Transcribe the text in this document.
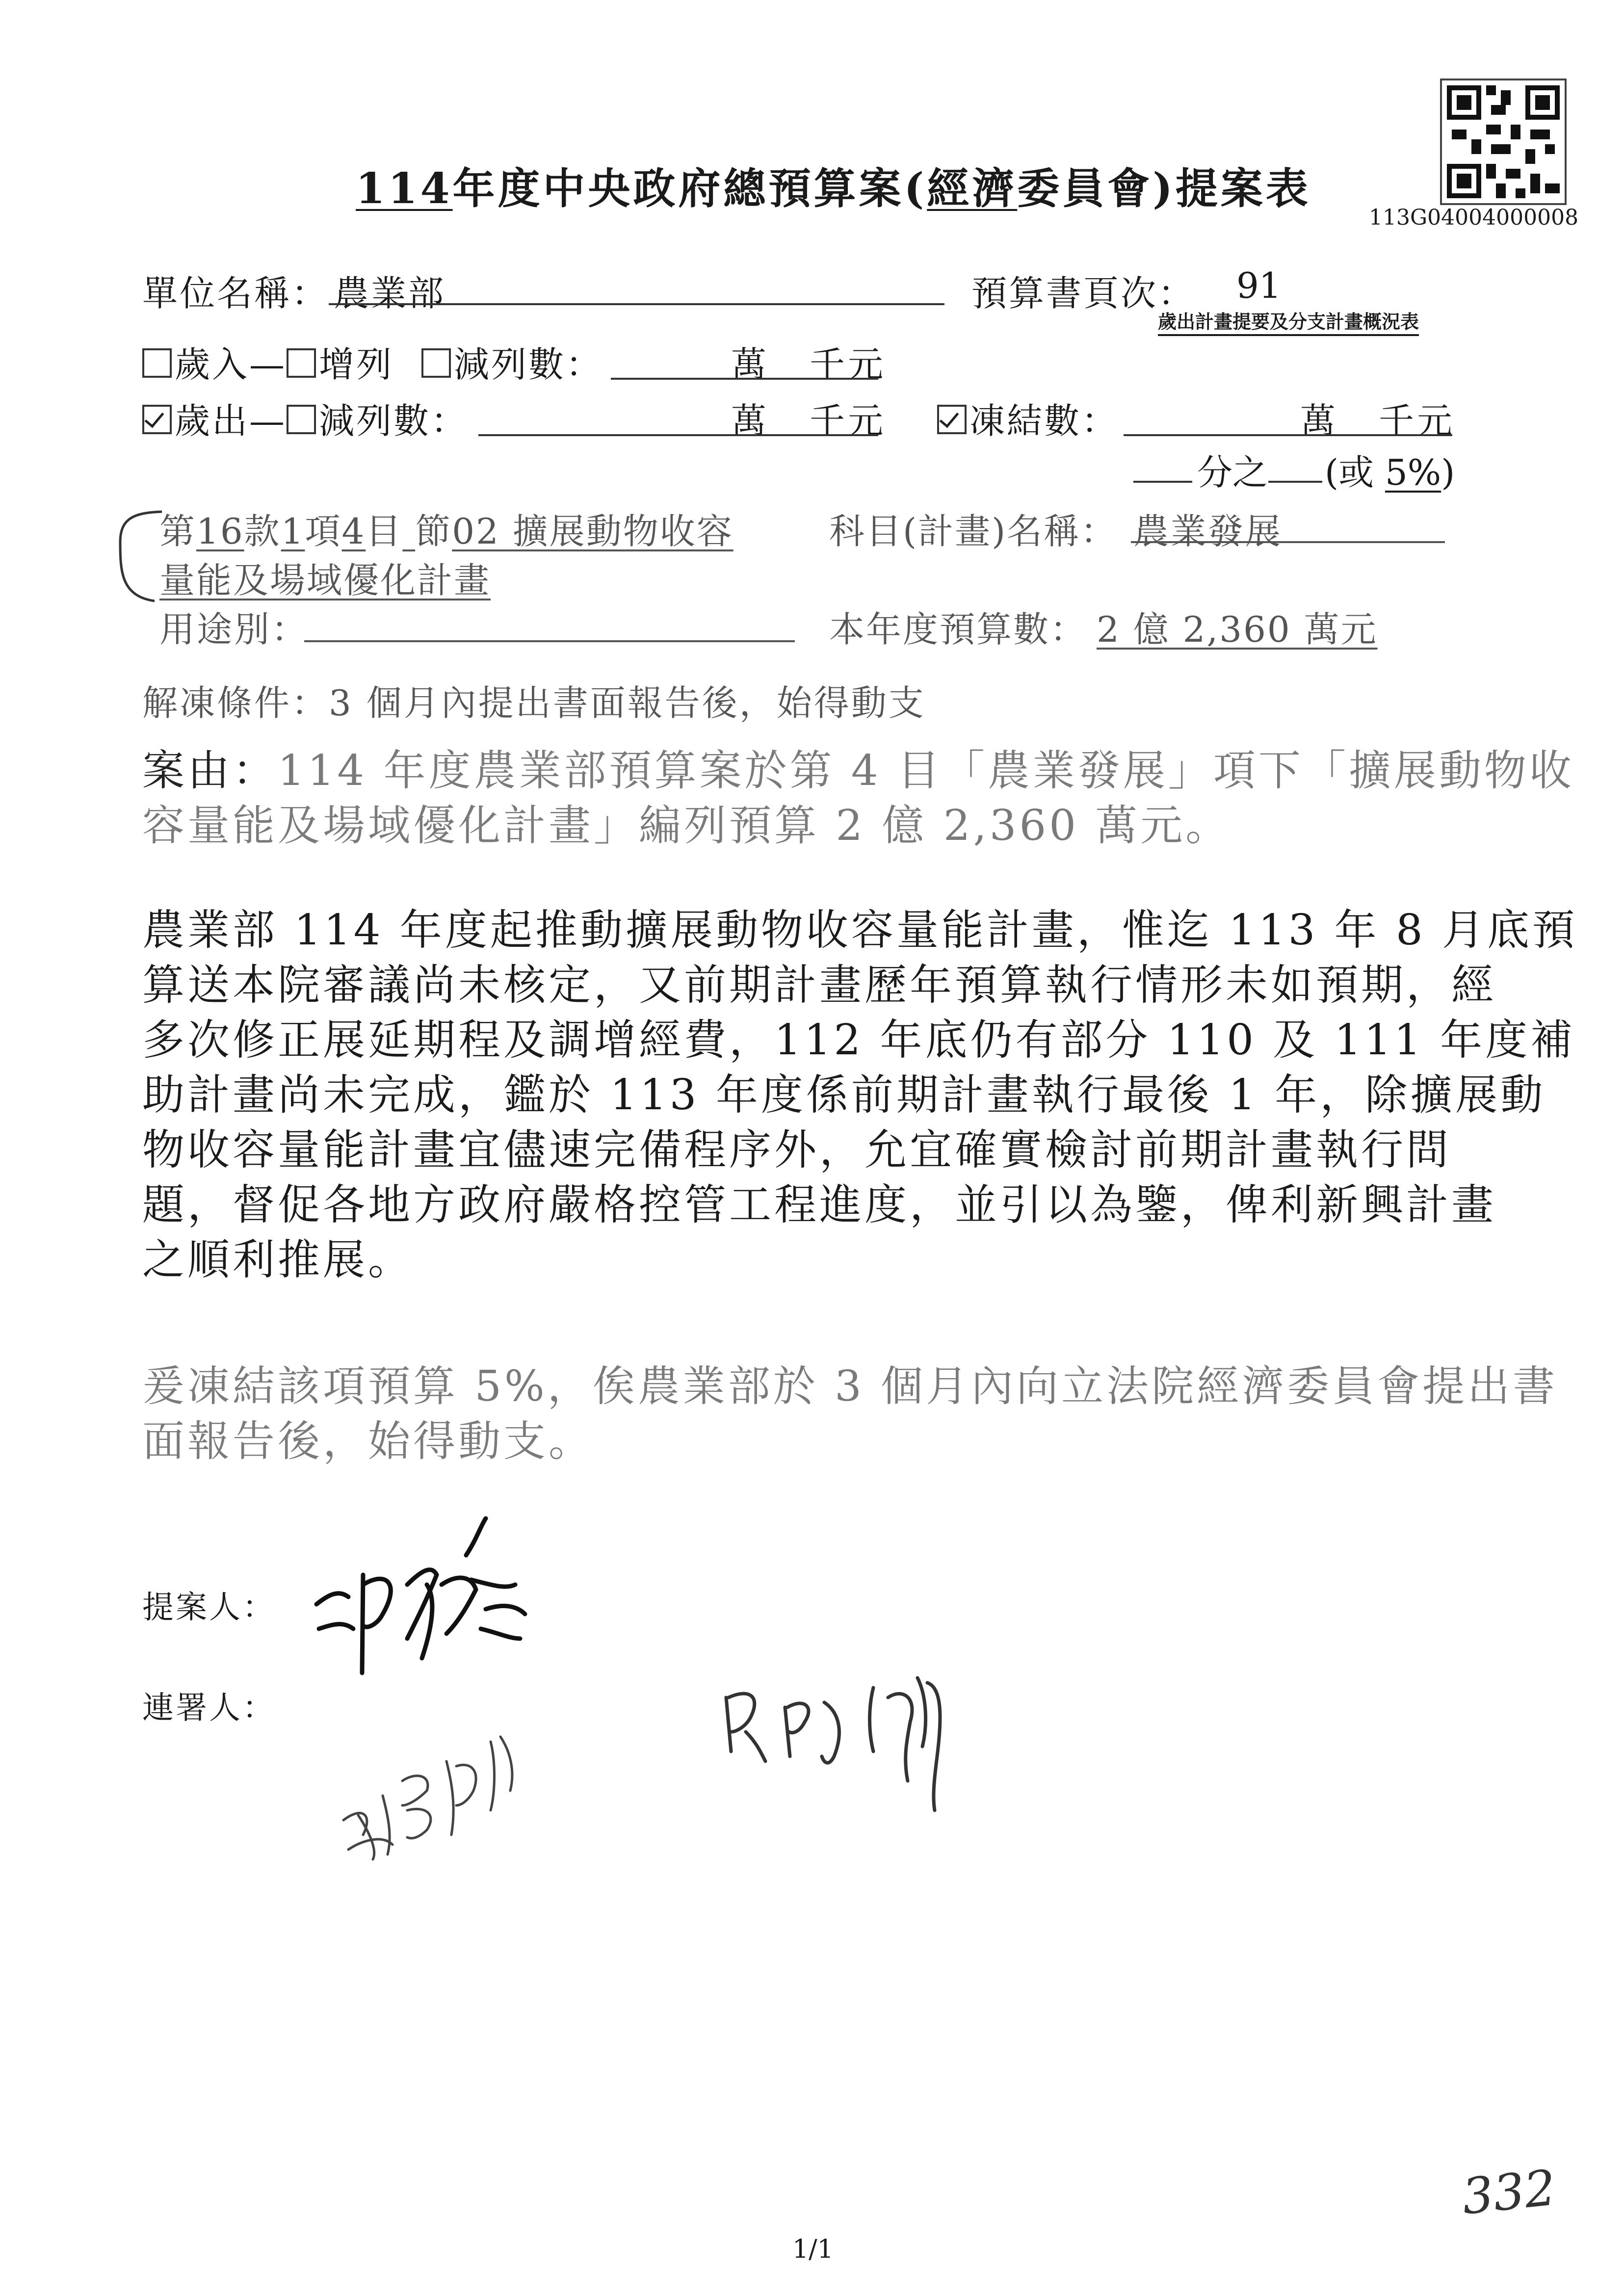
113G04004000008
114年度中央政府總預算案(經濟委員會)提案表
單位名稱： 農業部	預算書頁次： 91
歲出計畫提要及分支計畫概況表
歲入— 增列 減列數：	萬 千元
歲出— 減列數：	萬 千元	凍結數：	萬 千元
分之 (或 5%)
第16款1項4目 節02 擴展動物收容	科目(計畫)名稱： 農業發展
量能及場域優化計畫
用途別：	本年度預算數： 2 億 2,360 萬元
解凍條件：3 個月內提出書面報告後，始得動支
案由：114 年度農業部預算案於第 4 目「農業發展」項下「擴展動物收
容量能及場域優化計畫」編列預算 2 億 2,360 萬元。
農業部 114 年度起推動擴展動物收容量能計畫，惟迄 113 年 8 月底預
算送本院審議尚未核定，又前期計畫歷年預算執行情形未如預期，經
多次修正展延期程及調增經費，112 年底仍有部分 110 及 111 年度補
助計畫尚未完成，鑑於 113 年度係前期計畫執行最後 1 年，除擴展動
物收容量能計畫宜儘速完備程序外，允宜確實檢討前期計畫執行問
題，督促各地方政府嚴格控管工程進度，並引以為鑒，俾利新興計畫
之順利推展。
爰凍結該項預算 5%，俟農業部於 3 個月內向立法院經濟委員會提出書
面報告後，始得動支。
提案人：
連署人：
332
1/1
